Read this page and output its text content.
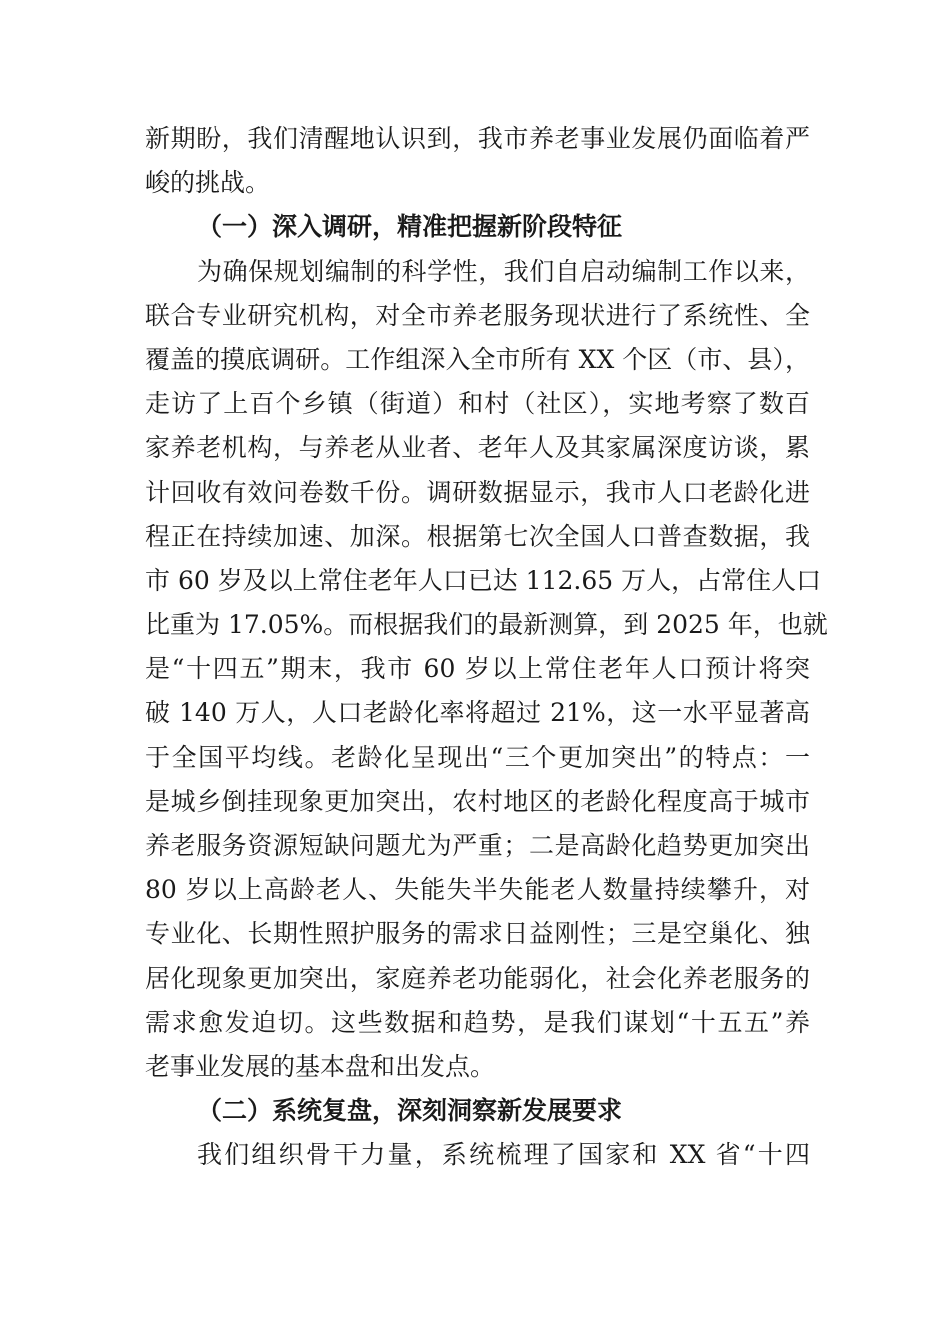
新期盼，我们清醒地认识到，我市养老事业发展仍面临着严
峻的挑战。
（一）深入调研，精准把握新阶段特征
为确保规划编制的科学性，我们自启动编制工作以来，
联合专业研究机构，对全市养老服务现状进行了系统性、全
覆盖的摸底调研。工作组深入全市所有 XX 个区（市、县），
走访了上百个乡镇（街道）和村（社区），实地考察了数百
家养老机构，与养老从业者、老年人及其家属深度访谈，累
计回收有效问卷数千份。调研数据显示，我市人口老龄化进
程正在持续加速、加深。根据第七次全国人口普查数据，我
市 60 岁及以上常住老年人口已达 112.65 万人，占常住人口
比重为 17.05%。而根据我们的最新测算，到 2025 年，也就
是“十四五”期末，我市 60 岁以上常住老年人口预计将突
破 140 万人，人口老龄化率将超过 21%，这一水平显著高
于全国平均线。老龄化呈现出“三个更加突出”的特点：一
是城乡倒挂现象更加突出，农村地区的老龄化程度高于城市
养老服务资源短缺问题尤为严重；二是高龄化趋势更加突出
80 岁以上高龄老人、失能失半失能老人数量持续攀升，对
专业化、长期性照护服务的需求日益刚性；三是空巢化、独
居化现象更加突出，家庭养老功能弱化，社会化养老服务的
需求愈发迫切。这些数据和趋势，是我们谋划“十五五”养
老事业发展的基本盘和出发点。
（二）系统复盘，深刻洞察新发展要求
我们组织骨干力量，系统梳理了国家和 XX 省“十四
